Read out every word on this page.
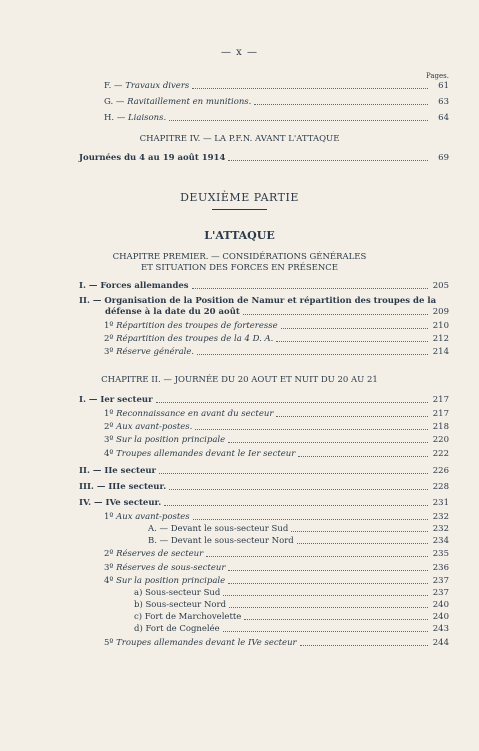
— x —
Pages.
F. — Travaux divers	61
G. — Ravitaillement en munitions.	63
H. — Liaisons.	64
CHAPITRE IV. — LA P.F.N. AVANT L'ATTAQUE
Journées du 4 au 19 août 1914	69
DEUXIÈME PARTIE
L'ATTAQUE
CHAPITRE PREMIER. — CONSIDÉRATIONS GÉNÉRALES
ET SITUATION DES FORCES EN PRÉSENCE
I. — Forces allemandes	205
II. — Organisation de la Position de Namur et répartition des troupes de la
défense à la date du 20 août	209
1º Répartition des troupes de forteresse	210
2º Répartition des troupes de la 4 D. A.	212
3º Réserve générale.	214
CHAPITRE II. — JOURNÉE DU 20 AOUT ET NUIT DU 20 AU 21
I. — Ier secteur	217
1º Reconnaissance en avant du secteur	217
2º Aux avant-postes.	218
3º Sur la position principale	220
4º Troupes allemandes devant le Ier secteur	222
II. — IIe secteur	226
III. — IIIe secteur.	228
IV. — IVe secteur.	231
1º Aux avant-postes	232
A. — Devant le sous-secteur Sud	232
B. — Devant le sous-secteur Nord	234
2º Réserves de secteur	235
3º Réserves de sous-secteur	236
4º Sur la position principale	237
a) Sous-secteur Sud	237
b) Sous-secteur Nord	240
c) Fort de Marchovelette	240
d) Fort de Cognelée	243
5º Troupes allemandes devant le IVe secteur	244
